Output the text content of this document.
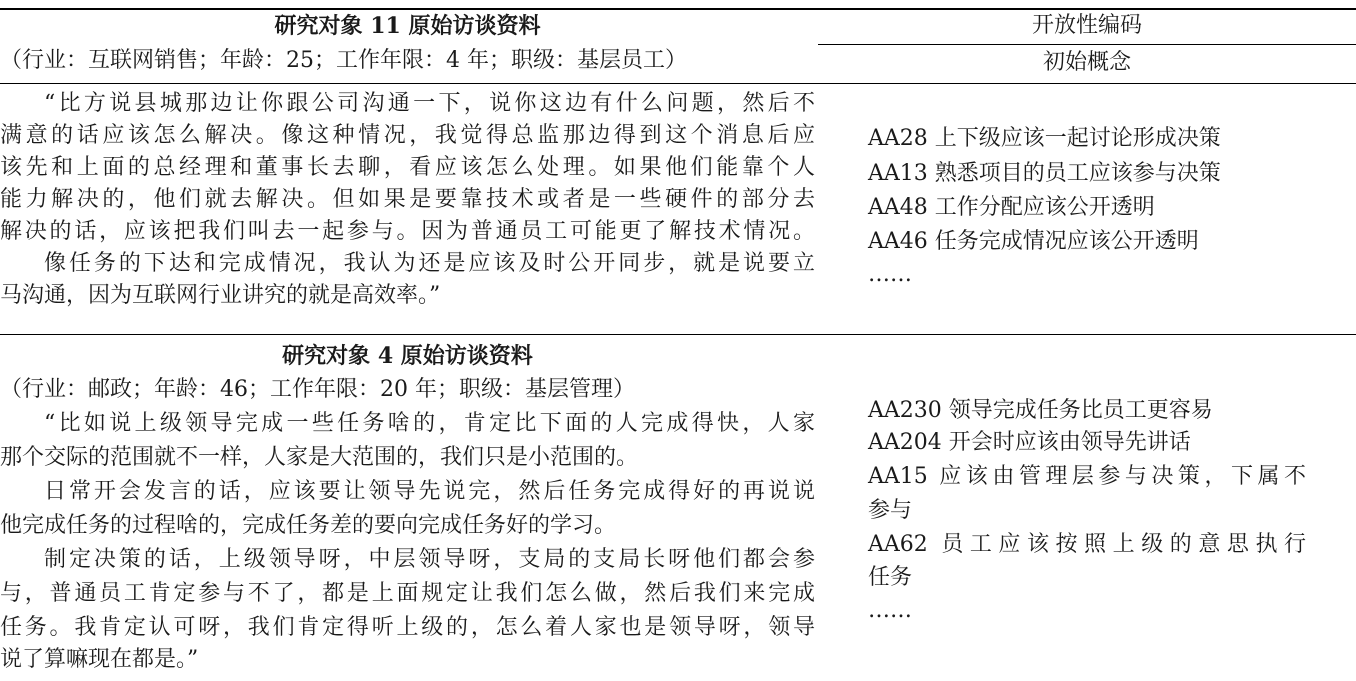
开放性编码
初始概念
研究对象 11 原始访谈资料
（行业：互联网销售；年龄：25；工作年限：4 年；职级：基层员工）
“比方说县城那边让你跟公司沟通一下，说你这边有什么问题，然后不
满意的话应该怎么解决。像这种情况，我觉得总监那边得到这个消息后应
该先和上面的总经理和董事长去聊，看应该怎么处理。如果他们能靠个人
能力解决的，他们就去解决。但如果是要靠技术或者是一些硬件的部分去
解决的话，应该把我们叫去一起参与。因为普通员工可能更了解技术情况。
像任务的下达和完成情况，我认为还是应该及时公开同步，就是说要立
马沟通，因为互联网行业讲究的就是高效率。”
AA28 上下级应该一起讨论形成决策
AA13 熟悉项目的员工应该参与决策
AA48 工作分配应该公开透明
AA46 任务完成情况应该公开透明
……
研究对象 4 原始访谈资料
（行业：邮政；年龄：46；工作年限：20 年；职级：基层管理）
“比如说上级领导完成一些任务啥的，肯定比下面的人完成得快，人家
那个交际的范围就不一样，人家是大范围的，我们只是小范围的。
日常开会发言的话，应该要让领导先说完，然后任务完成得好的再说说
他完成任务的过程啥的，完成任务差的要向完成任务好的学习。
制定决策的话，上级领导呀，中层领导呀，支局的支局长呀他们都会参
与，普通员工肯定参与不了，都是上面规定让我们怎么做，然后我们来完成
任务。我肯定认可呀，我们肯定得听上级的，怎么着人家也是领导呀，领导
说了算嘛现在都是。”
AA230 领导完成任务比员工更容易
AA204 开会时应该由领导先讲话
AA15 应该由管理层参与决策，下属不
参与
AA62 员工应该按照上级的意思执行
任务
……
